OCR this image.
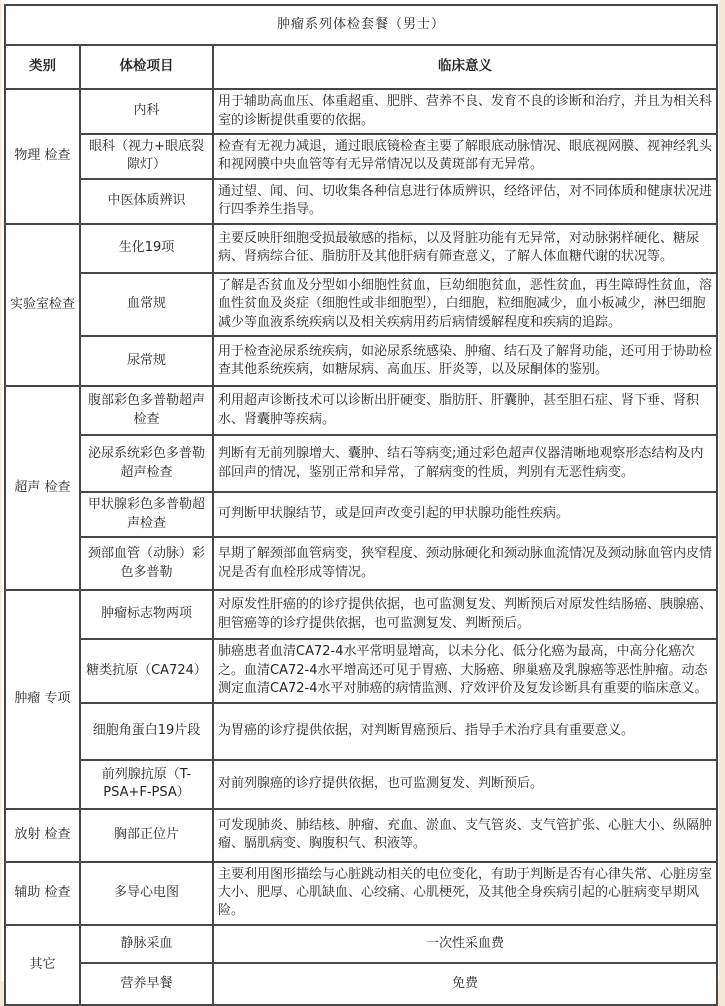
肿瘤系列体检套餐（男士）		
类别	体检项目	临床意义
物理 检查	内科	用于辅助高血压、体重超重、肥胖、营养不良、发育不良的诊断和治疗，并且为相关科室的诊断提供重要的依据。
	眼科（视力+眼底裂隙灯）	检查有无视力减退，通过眼底镜检查主要了解眼底动脉情况、眼底视网膜、视神经乳头和视网膜中央血管等有无异常情况以及黄斑部有无异常。
	中医体质辨识	通过望、闻、问、切收集各种信息进行体质辨识，经络评估，对不同体质和健康状况进行四季养生指导。
实验室检查	生化19项	主要反映肝细胞受损最敏感的指标，以及肾脏功能有无异常，对动脉粥样硬化、糖尿病、肾病综合征、脂肪肝及其他肝病有筛查意义，了解人体血糖代谢的状况等。
	血常规	了解是否贫血及分型如小细胞性贫血，巨幼细胞贫血，恶性贫血，再生障碍性贫血，溶血性贫血及炎症（细胞性或非细胞型），白细胞，粒细胞减少，血小板减少，淋巴细胞减少等血液系统疾病以及相关疾病用药后病情缓解程度和疾病的追踪。
	尿常规	用于检查泌尿系统疾病，如泌尿系统感染、肿瘤、结石及了解肾功能，还可用于协助检查其他系统疾病，如糖尿病、高血压、肝炎等，以及尿酮体的鉴别。
超声 检查	腹部彩色多普勒超声检查	利用超声诊断技术可以诊断出肝硬变、脂肪肝、肝囊肿，甚至胆石症、肾下垂、肾积水、肾囊肿等疾病。
	泌尿系统彩色多普勒超声检查	判断有无前列腺增大、囊肿、结石等病变;通过彩色超声仪器清晰地观察形态结构及内部回声的情况，鉴别正常和异常，了解病变的性质，判别有无恶性病变。
	甲状腺彩色多普勒超声检查	可判断甲状腺结节，或是回声改变引起的甲状腺功能性疾病。
	颈部血管（动脉）彩色多普勒	早期了解颈部血管病变，狭窄程度、颈动脉硬化和颈动脉血流情况及颈动脉血管内皮情况是否有血栓形成等情况。
肿瘤 专项	肿瘤标志物两项	对原发性肝癌的的诊疗提供依据，也可监测复发、判断预后对原发性结肠癌、胰腺癌、胆管癌等的诊疗提供依据，也可监测复发、判断预后。
	糖类抗原（CA724）	肺癌患者血清CA72-4水平常明显增高，以未分化、低分化癌为最高，中高分化癌次之。血清CA72-4水平增高还可见于胃癌、大肠癌、卵巢癌及乳腺癌等恶性肿瘤。动态测定血清CA72-4水平对肺癌的病情监测、疗效评价及复发诊断具有重要的临床意义。
	细胞角蛋白19片段	为胃癌的诊疗提供依据，对判断胃癌预后、指导手术治疗具有重要意义。
	前列腺抗原（T-PSA+F-PSA）	对前列腺癌的诊疗提供依据，也可监测复发、判断预后。
放射 检查	胸部正位片	可发现肺炎、肺结核、肿瘤、充血、淤血、支气管炎、支气管扩张、心脏大小、纵隔肿瘤、膈肌病变、胸腹积气、积液等。
辅助 检查	多导心电图	主要利用图形描绘与心脏跳动相关的电位变化，有助于判断是否有心律失常、心脏房室大小、肥厚、心肌缺血、心绞痛、心肌梗死，及其他全身疾病引起的心脏病变早期风险。
其它	静脉采血	一次性采血费
	营养早餐	免费
